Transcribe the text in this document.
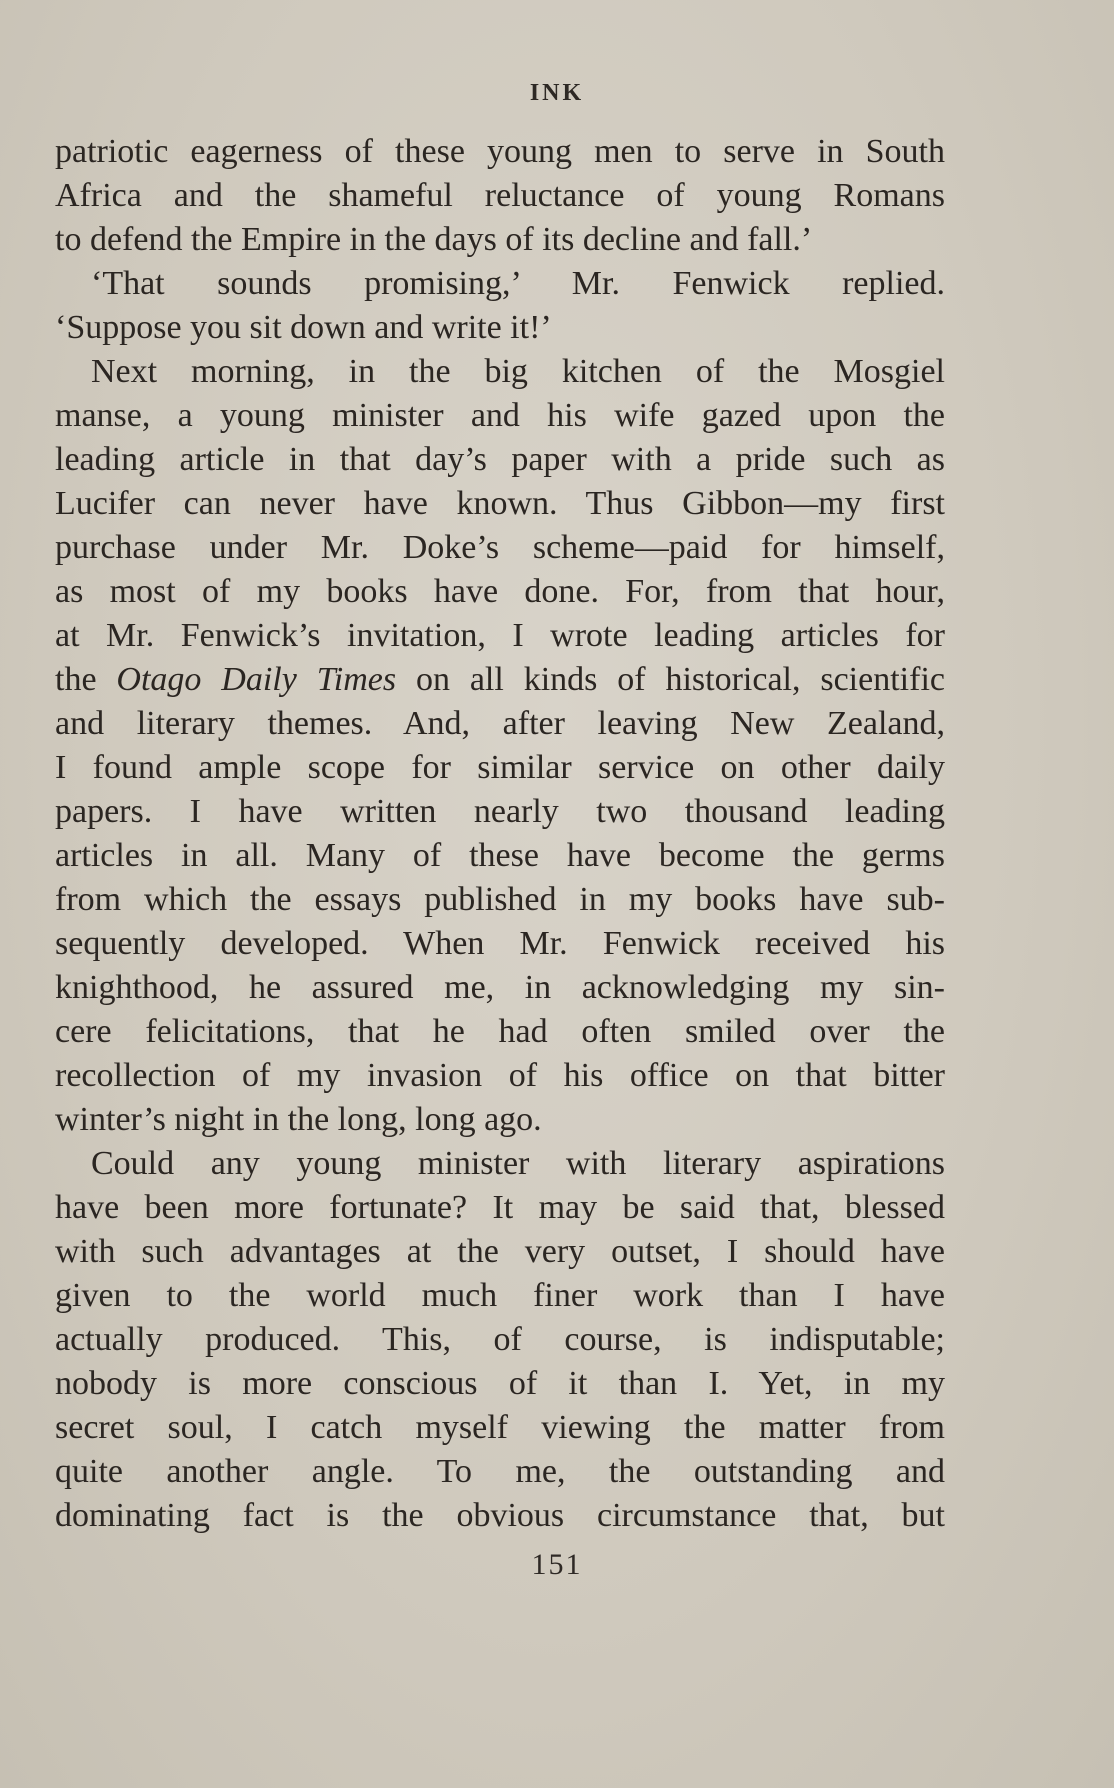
INK
patriotic eagerness of these young men to serve in South
Africa and the shameful reluctance of young Romans
to defend the Empire in the days of its decline and fall.’
‘That sounds promising,’ Mr. Fenwick replied.
‘Suppose you sit down and write it!’
Next morning, in the big kitchen of the Mosgiel
manse, a young minister and his wife gazed upon the
leading article in that day’s paper with a pride such as
Lucifer can never have known. Thus Gibbon—my first
purchase under Mr. Doke’s scheme—paid for himself,
as most of my books have done. For, from that hour,
at Mr. Fenwick’s invitation, I wrote leading articles for
the Otago Daily Times on all kinds of historical, scientific
and literary themes. And, after leaving New Zealand,
I found ample scope for similar service on other daily
papers. I have written nearly two thousand leading
articles in all. Many of these have become the germs
from which the essays published in my books have sub-
sequently developed. When Mr. Fenwick received his
knighthood, he assured me, in acknowledging my sin-
cere felicitations, that he had often smiled over the
recollection of my invasion of his office on that bitter
winter’s night in the long, long ago.
Could any young minister with literary aspirations
have been more fortunate? It may be said that, blessed
with such advantages at the very outset, I should have
given to the world much finer work than I have
actually produced. This, of course, is indisputable;
nobody is more conscious of it than I. Yet, in my
secret soul, I catch myself viewing the matter from
quite another angle. To me, the outstanding and
dominating fact is the obvious circumstance that, but
151
